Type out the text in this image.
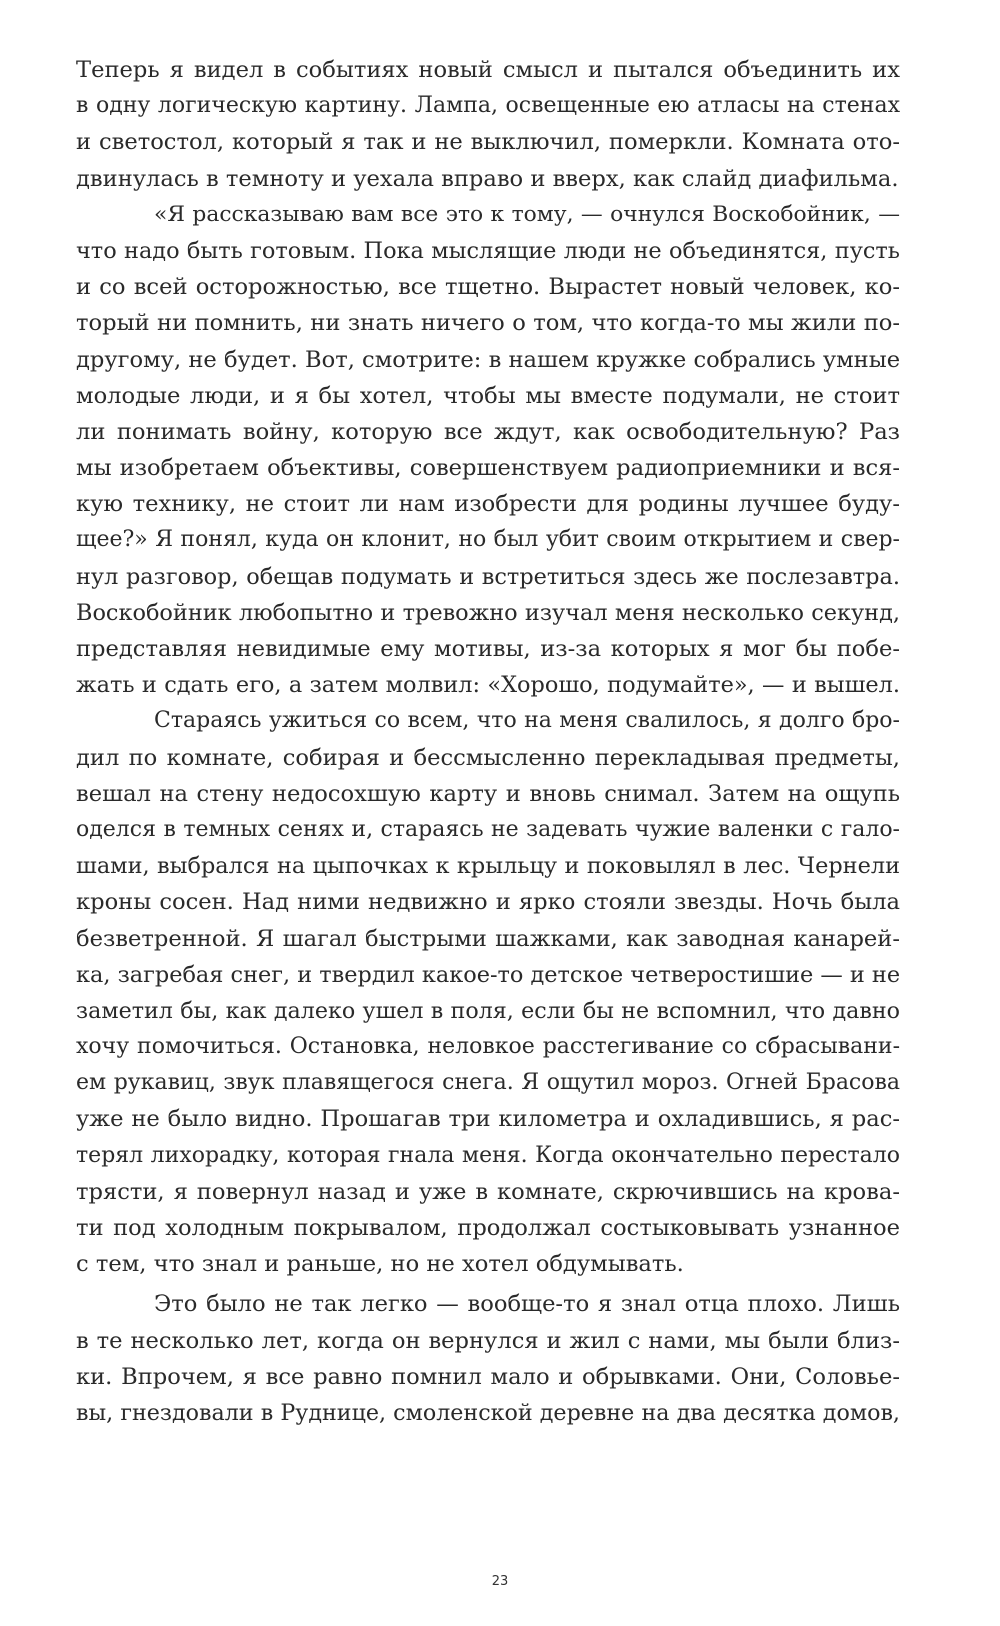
Теперь я видел в событиях новый смысл и пытался объединить их
в одну логическую картину. Лампа, освещенные ею атласы на стенах
и светостол, который я так и не выключил, померкли. Комната ото-
двинулась в темноту и уехала вправо и вверх, как слайд диафильма.
«Я рассказываю вам все это к тому, — очнулся Воскобойник, —
что надо быть готовым. Пока мыслящие люди не объединятся, пусть
и со всей осторожностью, все тщетно. Вырастет новый человек, ко-
торый ни помнить, ни знать ничего о том, что когда-то мы жили по-
другому, не будет. Вот, смотрите: в нашем кружке собрались умные
молодые люди, и я бы хотел, чтобы мы вместе подумали, не стоит
ли понимать войну, которую все ждут, как освободительную? Раз
мы изобретаем объективы, совершенствуем радиоприемники и вся-
кую технику, не стоит ли нам изобрести для родины лучшее буду-
щее?» Я понял, куда он клонит, но был убит своим открытием и свер-
нул разговор, обещав подумать и встретиться здесь же послезавтра.
Воскобойник любопытно и тревожно изучал меня несколько секунд,
представляя невидимые ему мотивы, из-за которых я мог бы побе-
жать и сдать его, а затем молвил: «Хорошо, подумайте», — и вышел.
Стараясь ужиться со всем, что на меня свалилось, я долго бро-
дил по комнате, собирая и бессмысленно перекладывая предметы,
вешал на стену недосохшую карту и вновь снимал. Затем на ощупь
оделся в темных сенях и, стараясь не задевать чужие валенки с гало-
шами, выбрался на цыпочках к крыльцу и поковылял в лес. Чернели
кроны сосен. Над ними недвижно и ярко стояли звезды. Ночь была
безветренной. Я шагал быстрыми шажками, как заводная канарей-
ка, загребая снег, и твердил какое-то детское четверостишие — и не
заметил бы, как далеко ушел в поля, если бы не вспомнил, что давно
хочу помочиться. Остановка, неловкое расстегивание со сбрасывани-
ем рукавиц, звук плавящегося снега. Я ощутил мороз. Огней Брасова
уже не было видно. Прошагав три километра и охладившись, я рас-
терял лихорадку, которая гнала меня. Когда окончательно перестало
трясти, я повернул назад и уже в комнате, скрючившись на крова-
ти под холодным покрывалом, продолжал состыковывать узнанное
с тем, что знал и раньше, но не хотел обдумывать.
Это было не так легко — вообще-то я знал отца плохо. Лишь
в те несколько лет, когда он вернулся и жил с нами, мы были близ-
ки. Впрочем, я все равно помнил мало и обрывками. Они, Соловье-
вы, гнездовали в Руднице, смоленской деревне на два десятка домов,
23
